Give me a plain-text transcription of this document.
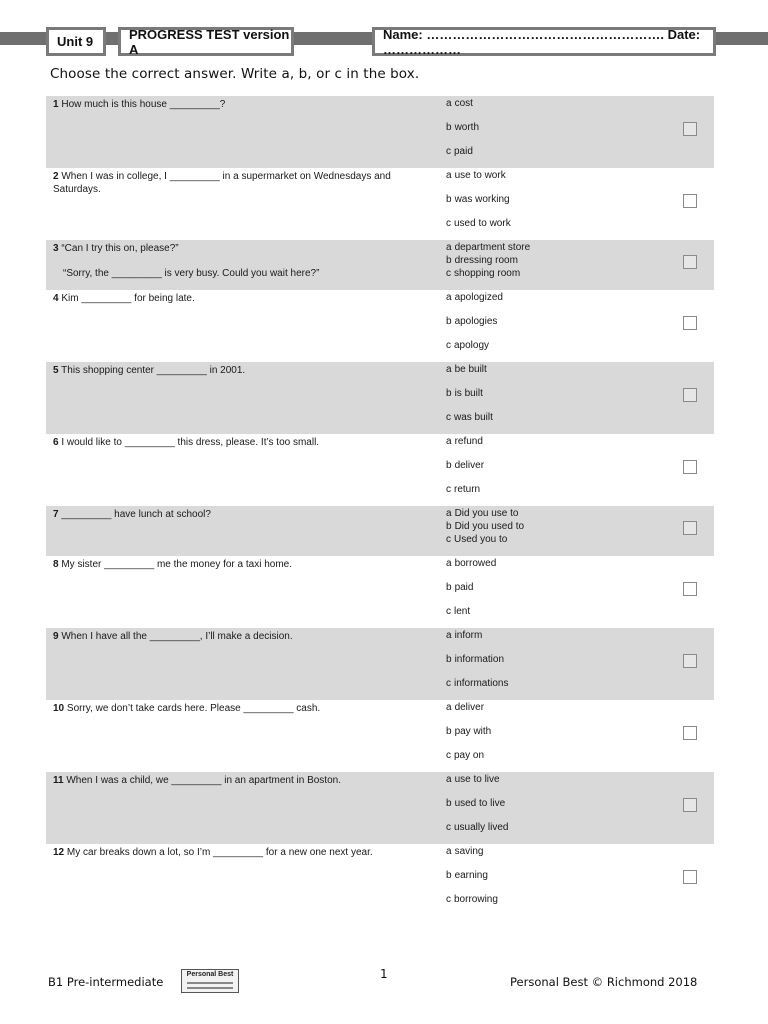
Unit 9	PROGRESS TEST version A
Name: ………………………………………………. Date: ………………
Choose the correct answer. Write a, b, or c in the box.
1 How much is this house _________?	a cost
b worth
c paid
2 When I was in college, I _________ in a supermarket on Wednesdays and Saturdays.
a use to work
b was working
c used to work
3 “Can I try this on, please?”
“Sorry, the _________ is very busy. Could you wait here?”
a department store
b dressing room
c shopping room
4 Kim _________ for being late.	a apologized
b apologies
c apology
5 This shopping center _________ in 2001.	a be built
b is built
c was built
6 I would like to _________ this dress, please. It’s too small.	a refund
b deliver
c return
7 _________ have lunch at school?	a Did you use to
b Did you used to
c Used you to
8 My sister _________ me the money for a taxi home.	a borrowed
b paid
c lent
9 When I have all the _________, I’ll make a decision.	a inform
b information
c informations
10 Sorry, we don’t take cards here. Please _________ cash.	a deliver
b pay with
c pay on
11 When I was a child, we _________ in an apartment in Boston.	a use to live
b used to live
c usually lived
12 My car breaks down a lot, so I’m _________ for a new one next year.	a saving
b earning
c borrowing
B1 Pre-intermediate
Personal Best	1
Personal Best © Richmond 2018
